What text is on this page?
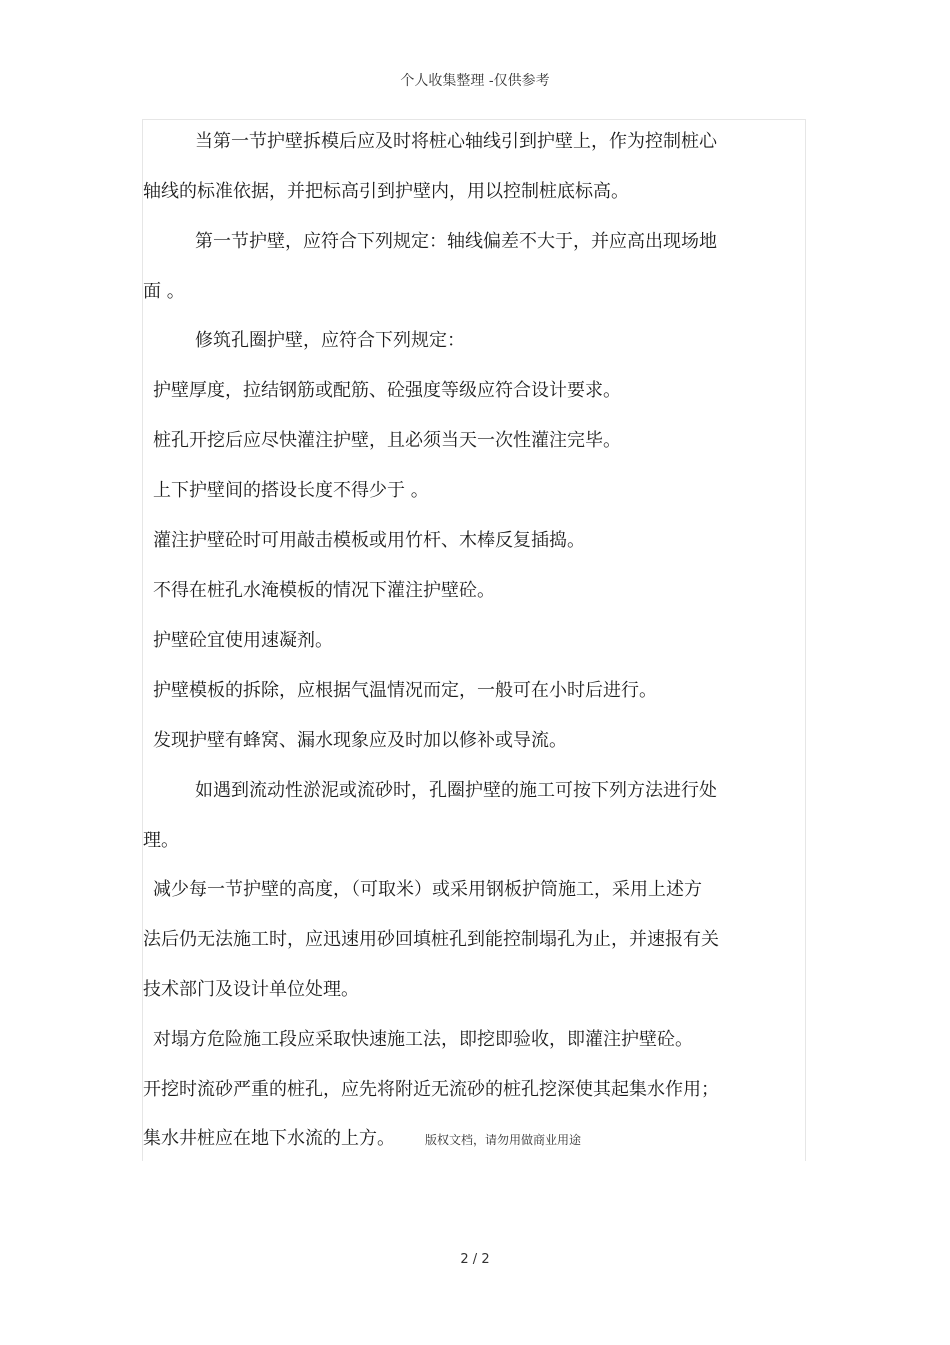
个人收集整理 -仅供参考
当第一节护壁拆模后应及时将桩心轴线引到护壁上，作为控制桩心
轴线的标准依据，并把标高引到护壁内，用以控制桩底标高。
第一节护壁，应符合下列规定：轴线偏差不大于，并应高出现场地
面 。
修筑孔圈护壁，应符合下列规定：
护壁厚度，拉结钢筋或配筋、砼强度等级应符合设计要求。
桩孔开挖后应尽快灌注护壁，且必须当天一次性灌注完毕。
上下护壁间的搭设长度不得少于 。
灌注护壁砼时可用敲击模板或用竹杆、木棒反复插捣。
不得在桩孔水淹模板的情况下灌注护壁砼。
护壁砼宜使用速凝剂。
护壁模板的拆除，应根据气温情况而定，一般可在小时后进行。
发现护壁有蜂窝、漏水现象应及时加以修补或导流。
如遇到流动性淤泥或流砂时，孔圈护壁的施工可按下列方法进行处
理。
减少每一节护壁的高度，（可取米）或采用钢板护筒施工，采用上述方
法后仍无法施工时，应迅速用砂回填桩孔到能控制塌孔为止，并速报有关
技术部门及设计单位处理。
对塌方危险施工段应采取快速施工法，即挖即验收，即灌注护壁砼。
开挖时流砂严重的桩孔，应先将附近无流砂的桩孔挖深使其起集水作用；
集水井桩应在地下水流的上方。	版权文档，请勿用做商业用途
2 / 2
